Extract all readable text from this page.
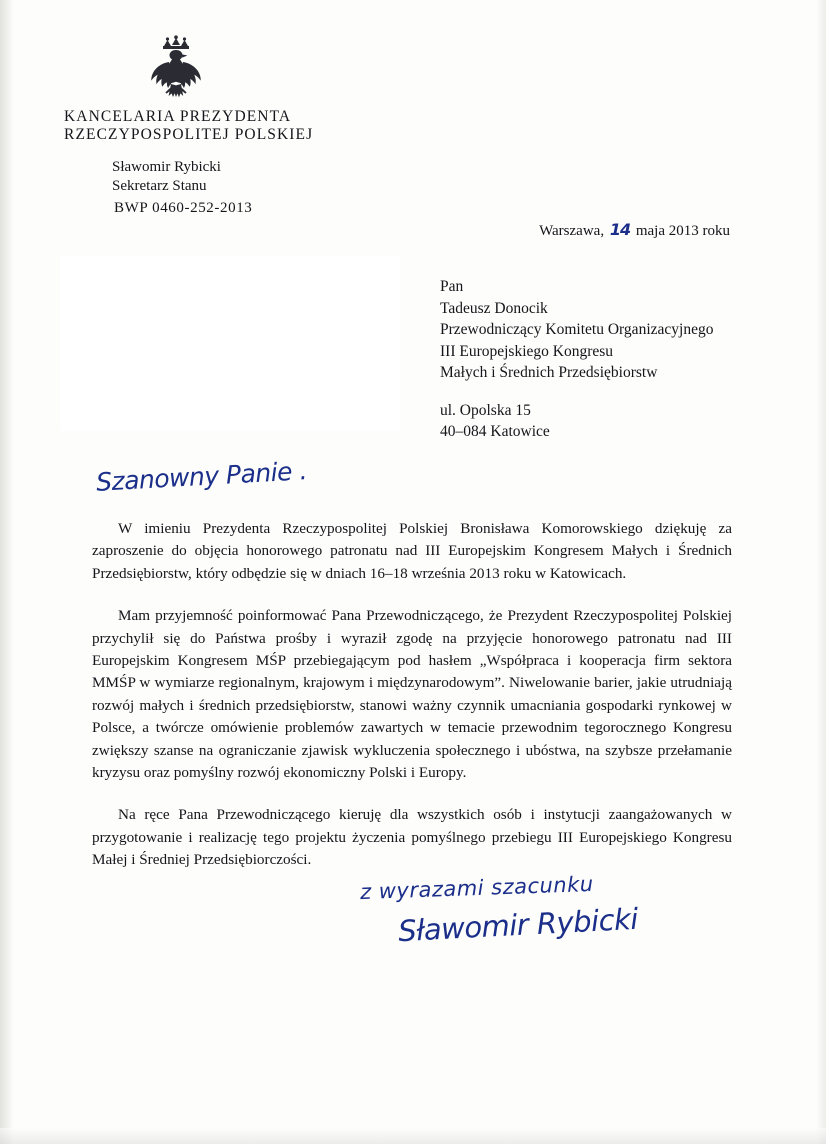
KANCELARIA PREZYDENTA
RZECZYPOSPOLITEJ POLSKIEJ
Sławomir Rybicki
Sekretarz Stanu
BWP 0460-252-2013
Warszawa, 14 maja 2013 roku
Pan
Tadeusz Donocik
Przewodniczący Komitetu Organizacyjnego
III Europejskiego Kongresu
Małych i Średnich Przedsiębiorstw
ul. Opolska 15
40–084 Katowice
Szanowny Panie .

W imieniu Prezydenta Rzeczypospolitej Polskiej Bronisława Komorowskiego dziękuję za zaproszenie do objęcia honorowego patronatu nad III Europejskim Kongresem Małych i Średnich Przedsiębiorstw, który odbędzie się w dniach 16–18 września 2013 roku w Katowicach.

Mam przyjemność poinformować Pana Przewodniczącego, że Prezydent Rzeczypospolitej Polskiej przychylił się do Państwa prośby i wyraził zgodę na przyjęcie honorowego patronatu nad III Europejskim Kongresem MŚP przebiegającym pod hasłem „Współpraca i kooperacja firm sektora MMŚP w wymiarze regionalnym, krajowym i międzynarodowym”. Niwelowanie barier, jakie utrudniają rozwój małych i średnich przedsiębiorstw, stanowi ważny czynnik umacniania gospodarki rynkowej w Polsce, a twórcze omówienie problemów zawartych w temacie przewodnim tegorocznego Kongresu zwiększy szanse na ograniczanie zjawisk wykluczenia społecznego i ubóstwa, na szybsze przełamanie kryzysu oraz pomyślny rozwój ekonomiczny Polski i Europy.

Na ręce Pana Przewodniczącego kieruję dla wszystkich osób i instytucji zaangażowanych w przygotowanie i realizację tego projektu życzenia pomyślnego przebiegu III Europejskiego Kongresu Małej i Średniej Przedsiębiorczości.

z wyrazami szacunku
Sławomir Rybicki
